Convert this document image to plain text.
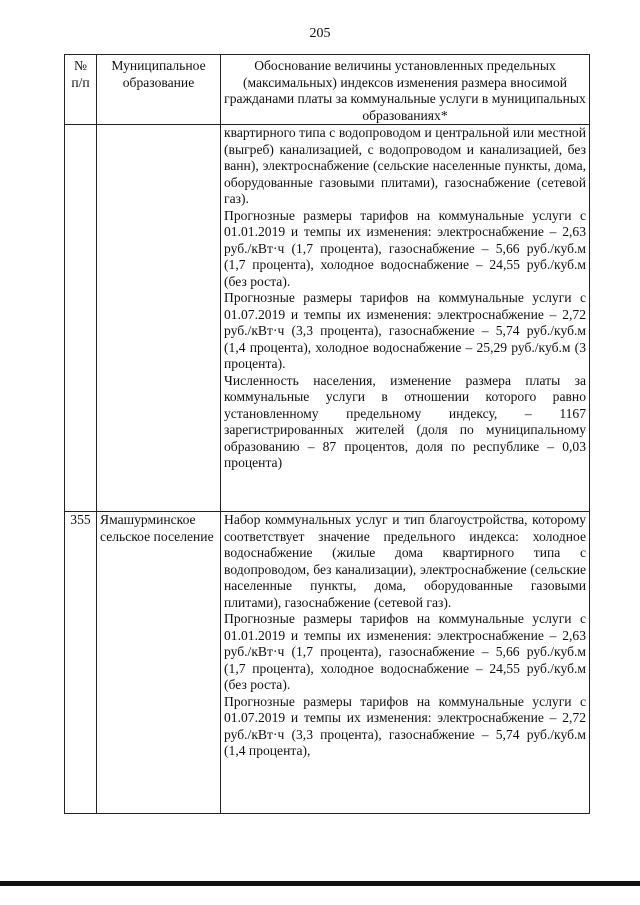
205
№ п/п	Муниципальное образование	Обоснование величины установленных предельных (максимальных) индексов изменения размера вносимой гражданами платы за коммунальные услуги в муниципальных образованиях*

		квартирного типа с водопроводом и центральной или местной (выгреб) канализацией, с водопроводом и канализацией, без ванн), электроснабжение (сельские населенные пункты, дома, оборудованные газовыми плитами), газоснабжение (сетевой газ).
Прогнозные размеры тарифов на коммунальные услуги с 01.01.2019 и темпы их изменения: электроснабжение – 2,63 руб./кВт·ч (1,7 процента), газоснабжение – 5,66 руб./куб.м (1,7 процента), холодное водоснабжение – 24,55 руб./куб.м (без роста).
Прогнозные размеры тарифов на коммунальные услуги с 01.07.2019 и темпы их изменения: электроснабжение – 2,72 руб./кВт·ч (3,3 процента), газоснабжение – 5,74 руб./куб.м (1,4 процента), холодное водоснабжение – 25,29 руб./куб.м (3 процента).
Численность населения, изменение размера платы за коммунальные услуги в отношении которого равно установленному предельному индексу, – 1167 зарегистрированных жителей (доля по муниципальному образованию – 87 процентов, доля по республике – 0,03 процента)

355	Ямашурминское сельское поселение	Набор коммунальных услуг и тип благоустройства, которому соответствует значение предельного индекса: холодное водоснабжение (жилые дома квартирного типа с водопроводом, без канализации), электроснабжение (сельские населенные пункты, дома, оборудованные газовыми плитами), газоснабжение (сетевой газ).
Прогнозные размеры тарифов на коммунальные услуги с 01.01.2019 и темпы их изменения: электроснабжение – 2,63 руб./кВт·ч (1,7 процента), газоснабжение – 5,66 руб./куб.м (1,7 процента), холодное водоснабжение – 24,55 руб./куб.м (без роста).
Прогнозные размеры тарифов на коммунальные услуги с 01.07.2019 и темпы их изменения: электроснабжение – 2,72 руб./кВт·ч (3,3 процента), газоснабжение – 5,74 руб./куб.м (1,4 процента),
